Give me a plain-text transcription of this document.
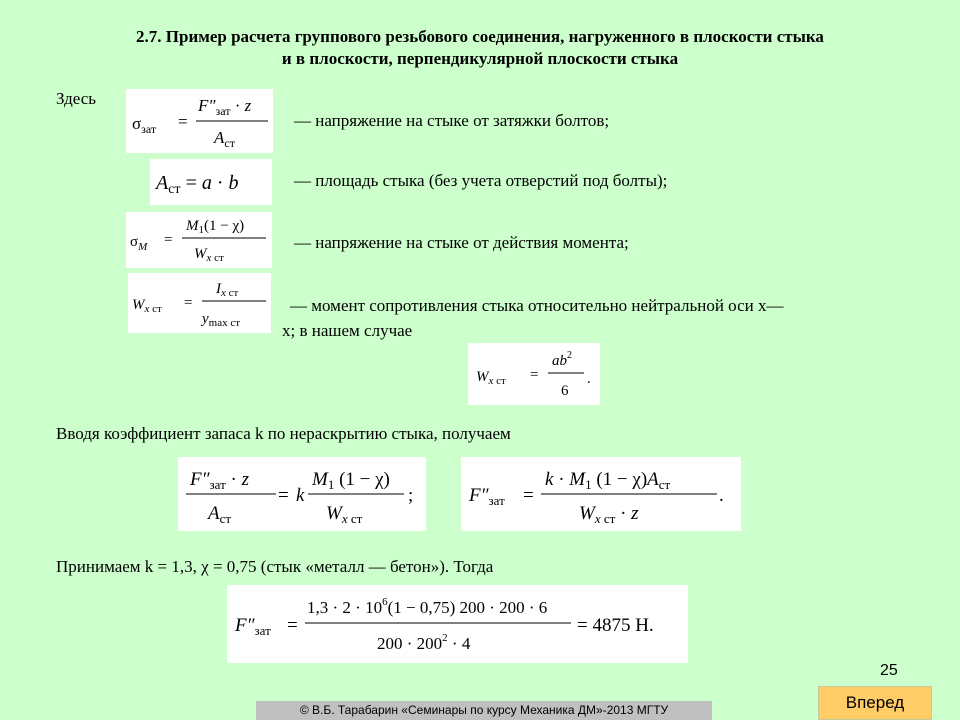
2.7. Пример расчета группового резьбового соединения, нагруженного в плоскости стыка
и в плоскости, перпендикулярной плоскости стыка
Здесь
$\sigma_{зат}$ =
$F''_{зат} \cdot z$
$A_{ст}$
— напряжение на стыке от затяжки болтов;
$A_{ст} = a \cdot b$	— площадь стыка (без учета отверстий под болты);
$\sigma_M$ =
$M_1(1 - \chi)$
$W_{x ст}$
— напряжение на стыке от действия момента;
$W_{x ст}$ =
$I_{x ст}$
$y_{max ст}$
— момент сопротивления стыка относительно нейтральной оси x—
x; в нашем случае
$W_{x ст}$ =
$ab^2$
6
.
Вводя коэффициент запаса k по нераскрытию стыка, получаем
$F''_{зат} \cdot z$
$A_{ст}$
= k
$M_1$ (1 − χ)
$W_{x ст}$
;	$F''_{зат}$ =
$k \cdot M_1$ $(1 - \chi)A_{ст}$
$W_{x ст} \cdot z$
.
Принимаем k = 1,3, χ = 0,75 (стык «металл — бетон»). Тогда
$F''_{зат}$ =
$1,3 \cdot 2 \cdot 10^6(1 - 0,75) 200 \cdot 200 \cdot 6$
$200 \cdot 200^2 \cdot 4$
= 4875 Н.
25
Вперед
© В.Б. Тарабарин «Семинары по курсу Механика ДМ»-2013 МГТУ
